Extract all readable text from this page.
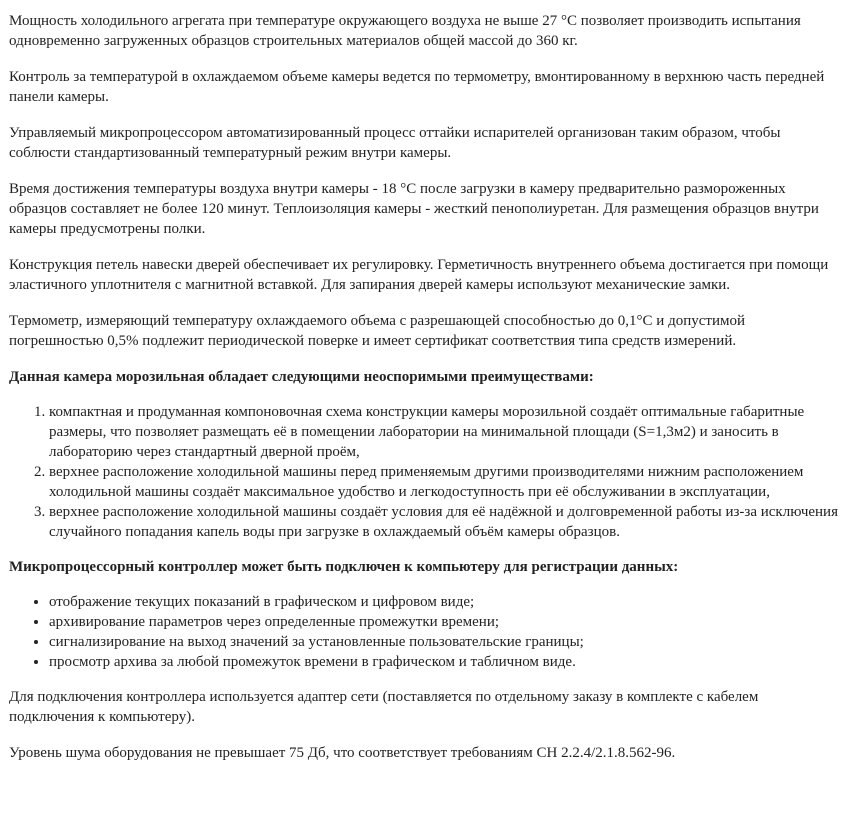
Мощность холодильного агрегата при температуре окружающего воздуха не выше 27 °С позволяет производить испытания одновременно загруженных образцов строительных материалов общей массой до 360 кг.

Контроль за температурой в охлаждаемом объеме камеры ведется по термометру, вмонтированному в верхнюю часть передней панели камеры.

Управляемый микропроцессором автоматизированный процесс оттайки испарителей организован таким образом, чтобы соблюсти стандартизованный температурный режим внутри камеры.

Время достижения температуры воздуха внутри камеры - 18 °С после загрузки в камеру предварительно размороженных образцов составляет не более 120 минут. Теплоизоляция камеры - жесткий пенополиуретан. Для размещения образцов внутри камеры предусмотрены полки.

Конструкция петель навески дверей обеспечивает их регулировку. Герметичность внутреннего объема достигается при помощи эластичного уплотнителя с магнитной вставкой. Для запирания дверей камеры используют механические замки.

Термометр, измеряющий температуру охлаждаемого объема с разрешающей способностью до 0,1°С и допустимой погрешностью 0,5% подлежит периодической поверке и имеет сертификат соответствия типа средств измерений.

Данная камера морозильная обладает следующими неоспоримыми преимуществами:

1. компактная и продуманная компоновочная схема конструкции камеры морозильной создаёт оптимальные габаритные размеры, что позволяет размещать её в помещении лаборатории на минимальной площади (S=1,3м2) и заносить в лабораторию через стандартный дверной проём,
2. верхнее расположение холодильной машины перед применяемым другими производителями нижним расположением холодильной машины создаёт максимальное удобство и легкодоступность при её обслуживании в эксплуатации,
3. верхнее расположение холодильной машины создаёт условия для её надёжной и долговременной работы из-за исключения случайного попадания капель воды при загрузке в охлаждаемый объём камеры образцов.

Микропроцессорный контроллер может быть подключен к компьютеру для регистрации данных:

• отображение текущих показаний в графическом и цифровом виде;
• архивирование параметров через определенные промежутки времени;
• сигнализирование на выход значений за установленные пользовательские границы;
• просмотр архива за любой промежуток времени в графическом и табличном виде.

Для подключения контроллера используется адаптер сети (поставляется по отдельному заказу в комплекте с кабелем подключения к компьютеру).

Уровень шума оборудования не превышает 75 Дб, что соответствует требованиям СН 2.2.4/2.1.8.562-96.
